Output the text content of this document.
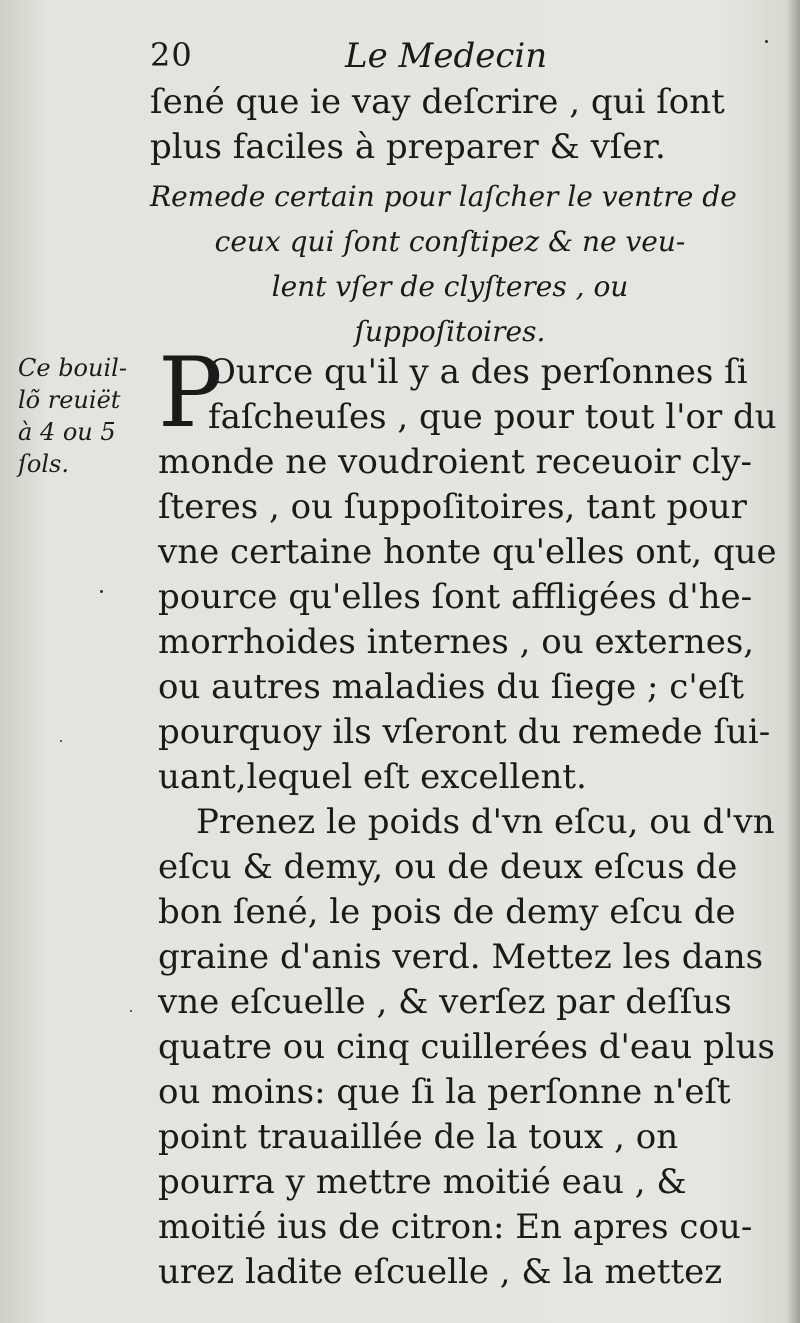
20	Le Medecin
ſené que ie vay deſcrire , qui ſont
plus faciles à preparer & vſer.
Remede certain pour laſcher le ventre de
ceux qui ſont conſtipez & ne veu-
lent vſer de clyſteres , ou
ſuppoſitoires.
Ce bouil-
lõ reuiët
à 4 ou 5
ſols.
P
Ource qu'il y a des perſonnes ſi
faſcheuſes , que pour tout l'or du
monde ne voudroient receuoir cly-
ſteres , ou ſuppoſitoires, tant pour
vne certaine honte qu'elles ont, que
pource qu'elles ſont affligées d'he-
morrhoides internes , ou externes,
ou autres maladies du ſiege ; c'eſt
pourquoy ils vſeront du remede ſui-
uant,lequel eſt excellent.
Prenez le poids d'vn eſcu, ou d'vn
eſcu & demy, ou de deux eſcus de
bon ſené, le pois de demy eſcu de
graine d'anis verd. Mettez les dans
vne eſcuelle , & verſez par deſſus
quatre ou cinq cuillerées d'eau plus
ou moins: que ſi la perſonne n'eſt
point trauaillée de la toux , on
pourra y mettre moitié eau , &
moitié ius de citron: En apres cou-
urez ladite eſcuelle , & la mettez
